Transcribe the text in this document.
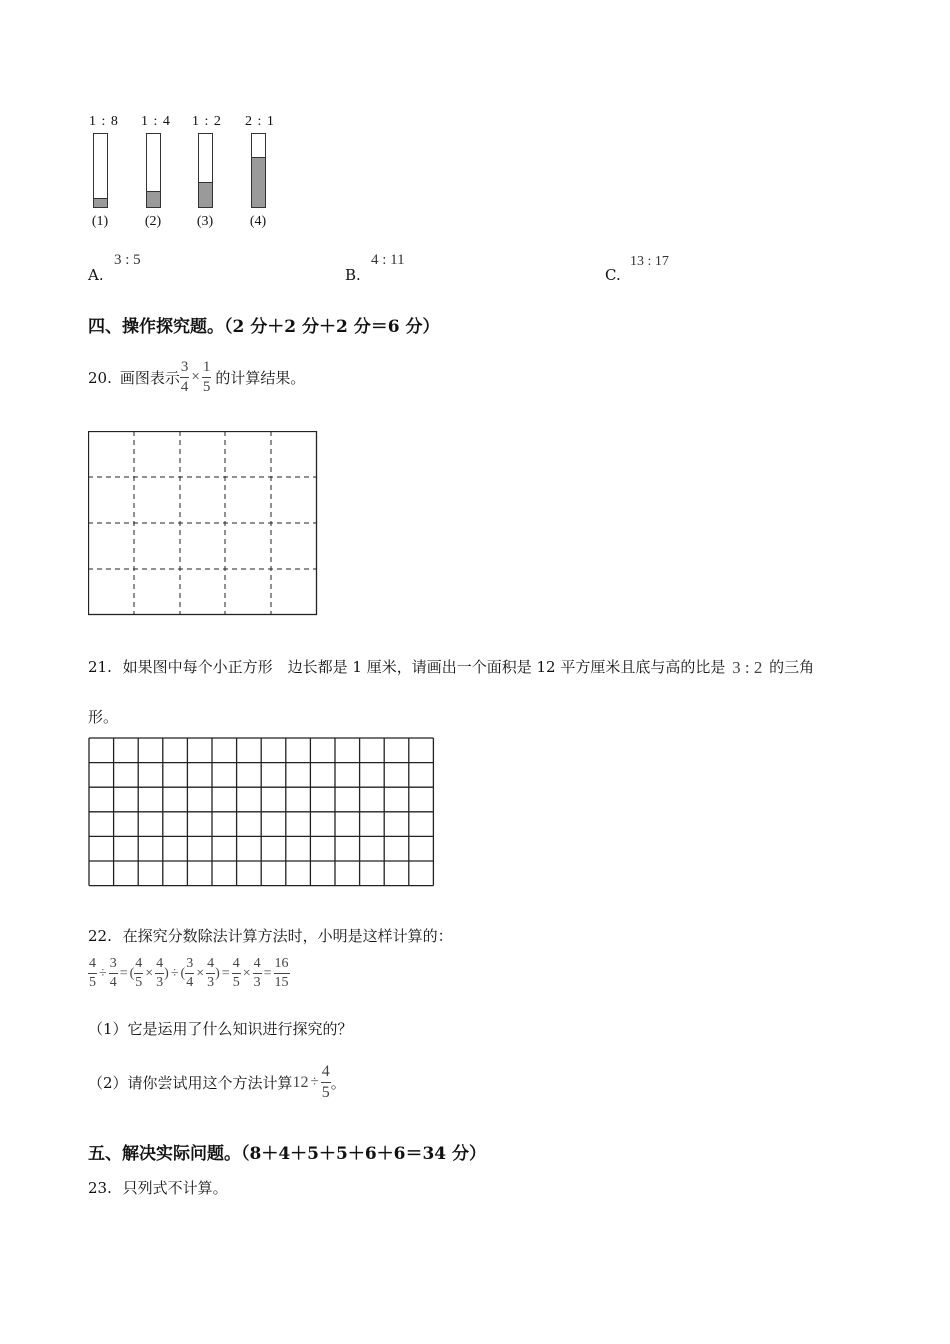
1 : 8	1 : 4	1 : 2	2 : 1
(1)	(2)	(3)	(4)
A.
3 : 5
B.
4 : 11
C.
13 : 17
四、操作探究题。（2 分＋2 分＋2 分＝6 分）
20. 画图表示 $\frac{3}{4} \times \frac{1}{5}$ 的计算结果。
21. 如果图中每个小正方形　边长都是 1 厘米，请画出一个面积是 12 平方厘米且底与高的比是 3 : 2 的三角
形。
22. 在探究分数除法计算方法时，小明是这样计算的：
$\frac{4}{5} \div \frac{3}{4}$ = ( $\frac{4}{5} \times \frac{4}{3}$ ) ÷ ( $\frac{3}{4} \times \frac{4}{3}$ ) = $\frac{4}{5} \times \frac{4}{3} = \frac{16}{15}$
（1）它是运用了什么知识进行探究的？
（2）请你尝试用这个方法计算 $12 \div \frac{4}{5}$ 。
五、解决实际问题。（8＋4＋5＋5＋6＋6＝34 分）
23. 只列式不计算。
